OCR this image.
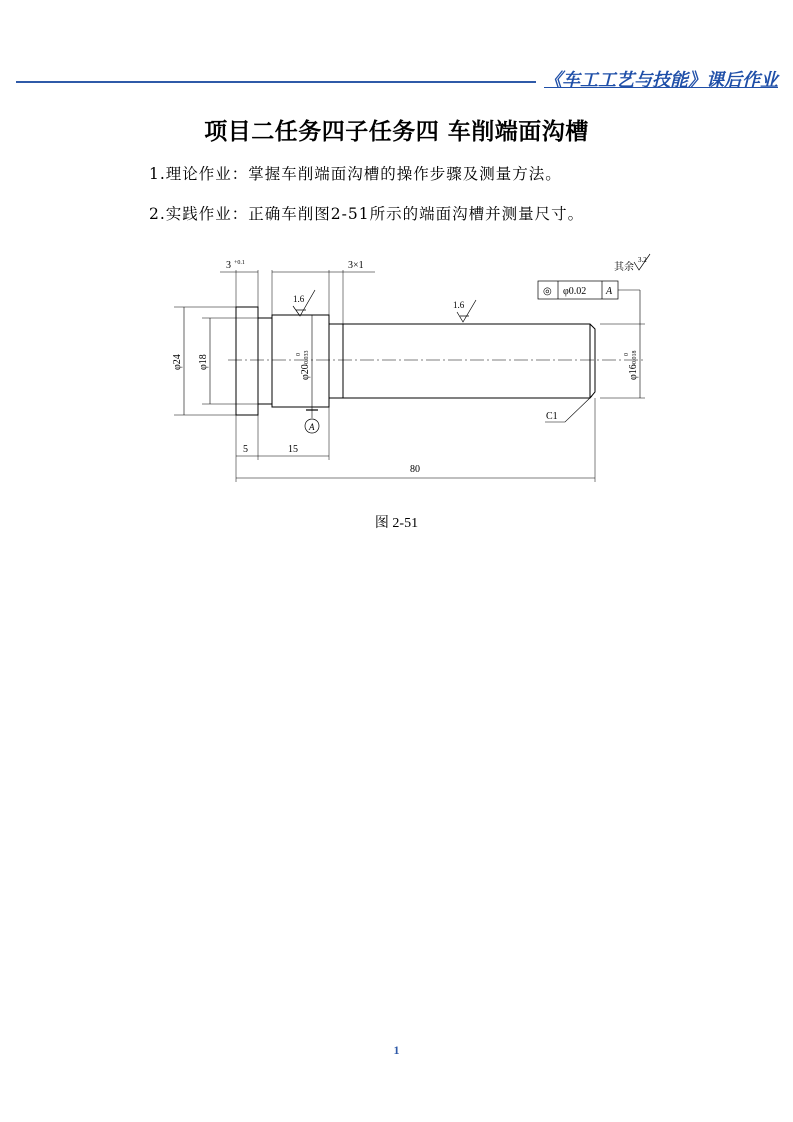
《车工工艺与技能》课后作业
项目二任务四子任务四 车削端面沟槽
1.理论作业：掌握车削端面沟槽的操作步骤及测量方法。
2.实践作业：正确车削图2-51所示的端面沟槽并测量尺寸。
3 +0.1	3×1	其余
3.2
1.6
1.6
◎ φ0.02 A
A
C1
5	15
80
φ24 φ18
φ20
0 -0.033
φ16
0 -0.018
图 2-51
1
